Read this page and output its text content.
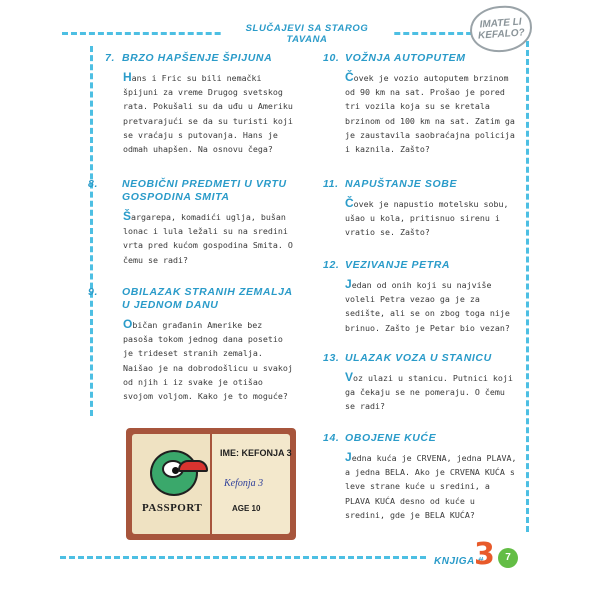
SLUČAJEVI SA STAROG TAVANA
IMATE LI KEFALO?
7. BRZO HAPŠENJE ŠPIJUNA
Hans i Fric su bili nemački špijuni za vreme Drugog svetskog rata. Pokušali su da uđu u Ameriku pretvarajući se da su turisti koji se vraćaju s putovanja. Hans je odmah uhapšen. Na osnovu čega?
8. NEOBIČNI PREDMETI U VRTU GOSPODINA SMITA
Šargarepa, komadići uglja, bušan lonac i lula ležali su na sredini vrta pred kućom gospodina Smita. O čemu se radi?
9. OBILAZAK STRANIH ZEMALJA U JEDNOM DANU
Običan građanin Amerike bez pasoša tokom jednog dana posetio je trideset stranih zemalja. Naišao je na dobrodošlicu u svakoj od njih i iz svake je otišao svojom voljom. Kako je to moguće?
10. VOŽNJA AUTOPUTEM
Čovek je vozio autoputem brzinom od 90 km na sat. Prošao je pored tri vozila koja su se kretala brzinom od 100 km na sat. Zatim ga je zaustavila saobraćajna policija i kaznila. Zašto?
11. NAPUŠTANJE SOBE
Čovek je napustio motelsku sobu, ušao u kola, pritisnuo sirenu i vratio se. Zašto?
12. VEZIVANJE PETRA
Jedan od onih koji su najviše voleli Petra vezao ga je za sedište, ali se on zbog toga nije brinuo. Zašto je Petar bio vezan?
13. ULAZAK VOZA U STANICU
Voz ulazi u stanicu. Putnici koji ga čekaju se ne pomeraju. O čemu se radi?
14. OBOJENE KUĆE
Jedna kuća je CRVENA, jedna PLAVA, a jedna BELA. Ako je CRVENA KUĆA s leve strane kuće u sredini, a PLAVA KUĆA desno od kuće u sredini, gde je BELA KUĆA?
PASSPORT
IME: KEFONJA 3
Kefonja 3
AGE 10
KNJIGA #
3	7
